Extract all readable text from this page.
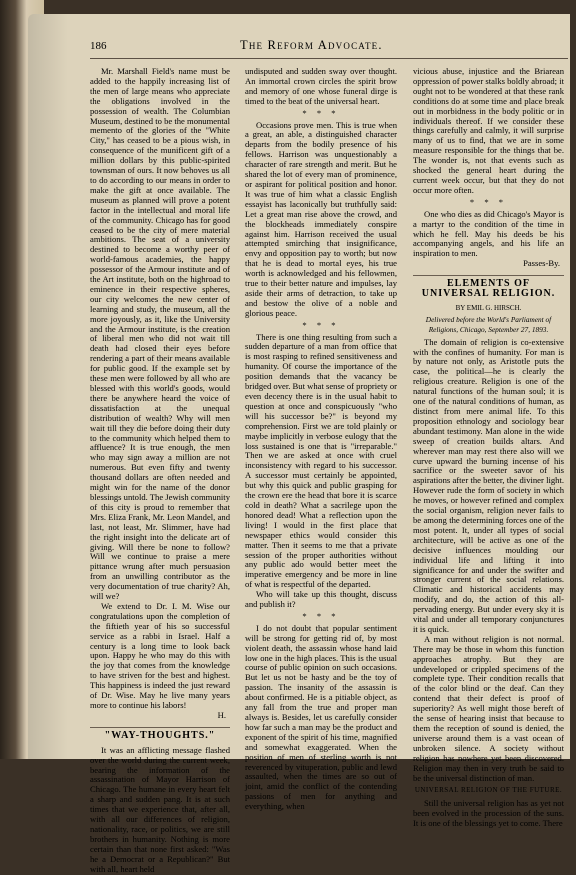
186	The Reform Advocate.

Mr. Marshall Field's name must be added to the happily increasing list of the men of large means who appreciate the obligations involved in the possession of wealth. The Columbian Museum, destined to be the monumental memento of the glories of the "White City," has ceased to be a pious wish, in consequence of the munificent gift of a million dollars by this public-spirited townsman of ours. It now behoves us all to do according to our means in order to make the gift at once available. The museum as planned will prove a potent factor in the intellectual and moral life of the community. Chicago has for good ceased to be the city of mere material ambitions. The seat of a university destined to become a worthy peer of world-famous academies, the happy possessor of the Armour institute and of the Art institute, both on the highroad to eminence in their respective spheres, our city welcomes the new center of learning and study, the museum, all the more joyously, as it, like the University and the Armour institute, is the creation of liberal men who did not wait till death had closed their eyes before rendering a part of their means available for public good. If the example set by these men were followed by all who are blessed with this world's goods, would there be anywhere heard the voice of dissatisfaction at the unequal distribution of wealth? Why will men wait till they die before doing their duty to the community which helped them to affluence? It is true enough, the men who may sign away a million are not numerous. But even fifty and twenty thousand dollars are often needed and might win for the name of the donor blessings untold. The Jewish community of this city is proud to remember that Mrs. Eliza Frank, Mr. Leon Mandel, and last, not least, Mr. Slimmer, have had the right insight into the delicate art of giving. Will there be none to follow? Will we continue to praise a mere pittance wrung after much persuasion from an unwilling contributor as the very documentation of true charity? Ah, will we?

We extend to Dr. I. M. Wise our congratulations upon the completion of the fiftieth year of his so successful service as a rabbi in Israel. Half a century is a long time to look back upon. Happy he who may do this with the joy that comes from the knowledge to have striven for the best and highest. This happiness is indeed the just reward of Dr. Wise. May he live many years more to continue his labors!

H.
"WAY-THOUGHTS."

It was an afflicting message flashed over the world during the current week, bearing the information of the assassination of Mayor Harrison of Chicago. The humane in every heart felt a sharp and sudden pang. It is at such times that we experience that, after all, with all our differences of religion, nationality, race, or politics, we are still brothers in humanity. Nothing is more certain than that none first asked: "Was he a Democrat or a Republican?" But with all, heart held

undisputed and sudden sway over thought. An immortal crown circles the spirit brow and memory of one whose funeral dirge is timed to the beat of the universal heart.

* * *

Occasions prove men. This is true when a great, an able, a distinguished character departs from the bodily presence of his fellows. Harrison was unquestionably a character of rare strength and merit. But he shared the lot of every man of prominence, or aspirant for political position and honor. It was true of him what a classic English essayist has laconically but truthfully said: Let a great man rise above the crowd, and the blockheads immediately conspire against him. Harrison received the usual attempted smirching that insignificance, envy and opposition pay to worth; but now that he is dead to mortal eyes, his true worth is acknowledged and his fellowmen, true to their better nature and impulses, lay aside their arms of detraction, to take up and bestow the olive of a noble and glorious peace.

* * *

There is one thing resulting from such a sudden departure of a man from office that is most rasping to refined sensitiveness and humanity. Of course the importance of the position demands that the vacancy be bridged over. But what sense of propriety or even decency there is in the usual habit to question at once and conspicuously "who will his successor be?" is beyond my comprehension. First we are told plainly or maybe implicitly in verbose eulogy that the loss sustained is one that is "irreparable." Then we are asked at once with cruel inconsistency with regard to his successor. A successor must certainly be appointed, but why this quick and public grasping for the crown ere the head that bore it is scarce cold in death? What a sacrilege upon the honored dead! What a reflection upon the living! I would in the first place that newspaper ethics would consider this matter. Then it seems to me that a private session of the proper authorities without any public ado would better meet the imperative emergency and be more in line of what is respectful of the departed.

Who will take up this thought, discuss and publish it?

* * *

I do not doubt that popular sentiment will be strong for getting rid of, by most violent death, the assassin whose hand laid low one in the high places. This is the usual course of public opinion on such occasions. But let us not be hasty and be the toy of passion. The insanity of the assassin is about confirmed. He is a pitiable object, as any fall from the true and proper man always is. Besides, let us carefully consider how far such a man may be the product and exponent of the spirit of his time, magnified and somewhat exaggerated. When the position of men of sterling worth is not reverenced by vituperation, public and lewd assaulted, when the times are so out of joint, amid the conflict of the contending passions of men for anything and everything, when

vicious abuse, injustice and the Briarean oppression of power stalks boldly abroad; it ought not to be wondered at that these rank conditions do at some time and place break out in morbidness in the body politic or in individuals thereof. If we consider these things carefully and calmly, it will surprise many of us to find, that we are in some measure responsible for the things that be. The wonder is, not that events such as shocked the general heart during the current week occur, but that they do not occur more often.

* * *

One who dies as did Chicago's Mayor is a martyr to the condition of the time in which he fell. May his deeds be his accompanying angels, and his life an inspiration to men.

Passes-By.
ELEMENTS OF UNIVERSAL RELIGION.
BY EMIL G. HIRSCH.
Delivered before the World's Parliament of Religions, Chicago, September 27, 1893.

The domain of religion is co-extensive with the confines of humanity. For man is by nature not only, as Aristotle puts the case, the political—he is clearly the religious creature. Religion is one of the natural functions of the human soul; it is one of the natural conditions of human, as distinct from mere animal life. To this proposition ethnology and sociology bear abundant testimony. Man alone in the wide sweep of creation builds altars. And wherever man may rest there also will we curve upward the burning incense of his sacrifice or the sweeter savor of his aspirations after the better, the diviner light. However rude the form of society in which he moves, or however refined and complex the social organism, religion never fails to be among the determining forces one of the most potent. It, under all types of social architecture, will be active as one of the decisive influences moulding our individual life and lifting it into significance for and under the swifter and stronger current of the social relations. Climatic and historical accidents may modify, and do, the action of this all-pervading energy. But under every sky it is vital and under all temporary conjunctures it is quick.

A man without religion is not normal. There may be those in whom this function approaches atrophy. But they are undeveloped or crippled specimens of the complete type. Their condition recalls that of the color blind or the deaf. Can they contend that their defect is proof of superiority? As well might those bereft of the sense of hearing insist that because to them the reception of sound is denied, the universe around them is a vast ocean of unbroken silence. A society without religion has nowhere yet been discovered. Religion may then in very truth be said to be the universal distinction of man.

UNIVERSAL RELIGION OF THE FUTURE.

Still the universal religion has as yet not been evolved in the procession of the suns. It is one of the blessings yet to come. There
